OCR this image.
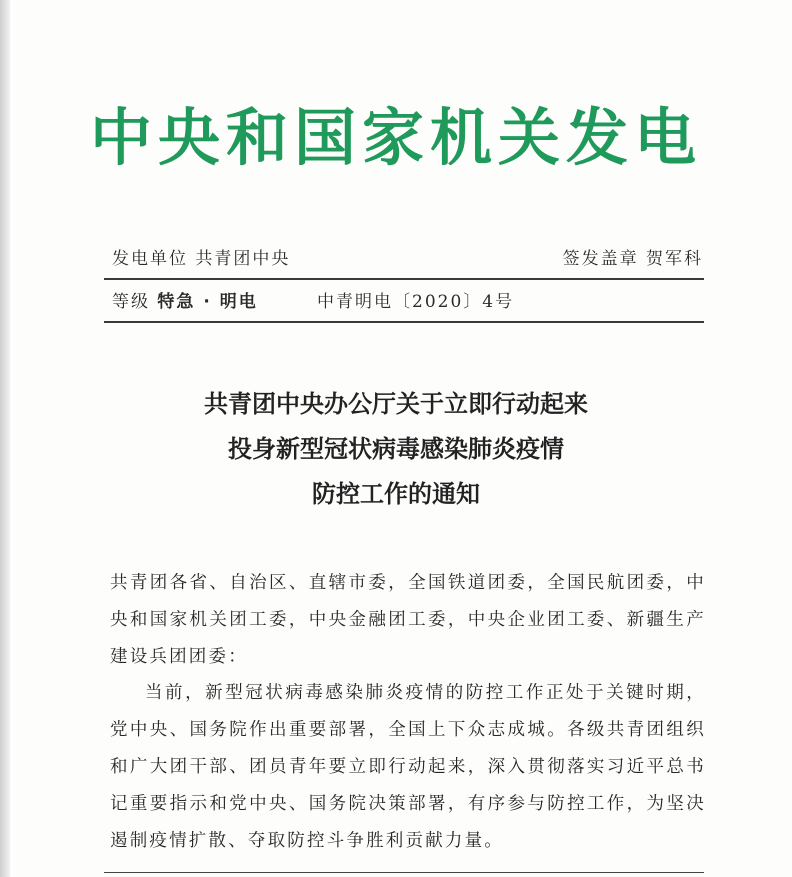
中央和国家机关发电
发电单位 共青团中央	签发盖章 贺军科
等级 特急 · 明电	中青明电〔2020〕4号
共青团中央办公厅关于立即行动起来
投身新型冠状病毒感染肺炎疫情
防控工作的通知

共青团各省、自治区、直辖市委，全国铁道团委，全国民航团委，中央和国家机关团工委，中央金融团工委，中央企业团工委、新疆生产建设兵团团委：

当前，新型冠状病毒感染肺炎疫情的防控工作正处于关键时期，党中央、国务院作出重要部署，全国上下众志成城。各级共青团组织和广大团干部、团员青年要立即行动起来，深入贯彻落实习近平总书记重要指示和党中央、国务院决策部署，有序参与防控工作，为坚决遏制疫情扩散、夺取防控斗争胜利贡献力量。
